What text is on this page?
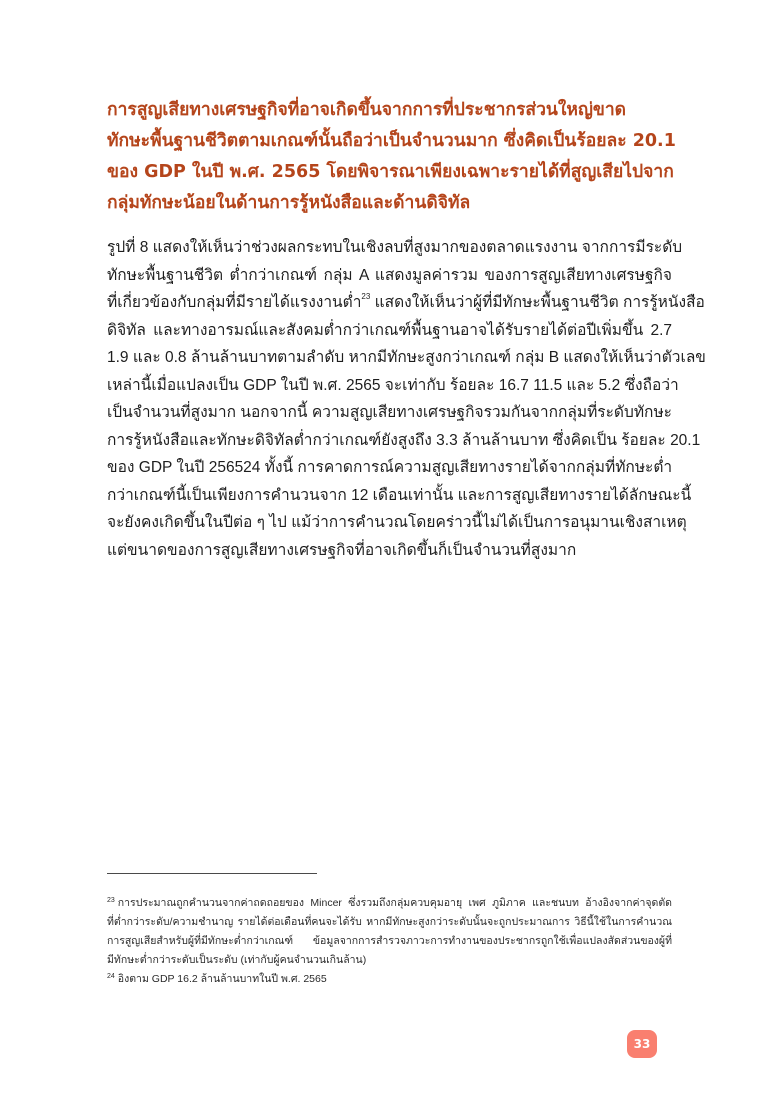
การสูญเสียทางเศรษฐกิจที่อาจเกิดขึ้นจากการที่ประชากรส่วนใหญ่ขาด
ทักษะพื้นฐานชีวิตตามเกณฑ์นั้นถือว่าเป็นจำนวนมาก ซึ่งคิดเป็นร้อยละ 20.1
ของ GDP ในปี พ.ศ. 2565 โดยพิจารณาเพียงเฉพาะรายได้ที่สูญเสียไปจาก
กลุ่มทักษะน้อยในด้านการรู้หนังสือและด้านดิจิทัล
รูปที่ 8 แสดงให้เห็นว่าช่วงผลกระทบในเชิงลบที่สูงมากของตลาดแรงงาน จากการมีระดับ
ทักษะพื้นฐานชีวิต ต่ำกว่าเกณฑ์ กลุ่ม A แสดงมูลค่ารวม ของการสูญเสียทางเศรษฐกิจ
ที่เกี่ยวข้องกับกลุ่มที่มีรายได้แรงงานต่ำ$^{23}$ แสดงให้เห็นว่าผู้ที่มีทักษะพื้นฐานชีวิต การรู้หนังสือ
ดิจิทัล และทางอารมณ์และสังคมต่ำกว่าเกณฑ์พื้นฐานอาจได้รับรายได้ต่อปีเพิ่มขึ้น 2.7
1.9 และ 0.8 ล้านล้านบาทตามลำดับ หากมีทักษะสูงกว่าเกณฑ์ กลุ่ม B แสดงให้เห็นว่าตัวเลข
เหล่านี้เมื่อแปลงเป็น GDP ในปี พ.ศ. 2565 จะเท่ากับ ร้อยละ 16.7 11.5 และ 5.2 ซึ่งถือว่า
เป็นจำนวนที่สูงมาก นอกจากนี้ ความสูญเสียทางเศรษฐกิจรวมกันจากกลุ่มที่ระดับทักษะ
การรู้หนังสือและทักษะดิจิทัลต่ำกว่าเกณฑ์ยังสูงถึง 3.3 ล้านล้านบาท ซึ่งคิดเป็น ร้อยละ 20.1
ของ GDP ในปี 256524 ทั้งนี้ การคาดการณ์ความสูญเสียทางรายได้จากกลุ่มที่ทักษะต่ำ
กว่าเกณฑ์นี้เป็นเพียงการคำนวนจาก 12 เดือนเท่านั้น และการสูญเสียทางรายได้ลักษณะนี้
จะยังคงเกิดขึ้นในปีต่อ ๆ ไป แม้ว่าการคำนวณโดยคร่าวนี้ไม่ได้เป็นการอนุมานเชิงสาเหตุ
แต่ขนาดของการสูญเสียทางเศรษฐกิจที่อาจเกิดขึ้นก็เป็นจำนวนที่สูงมาก
$^{23}$ การประมาณถูกคำนวนจากค่าถดถอยของ Mincer ซึ่งรวมถึงกลุ่มควบคุมอายุ เพศ ภูมิภาค และชนบท อ้างอิงจากค่าจุดตัด
ที่ต่ำกว่าระดับ/ความชำนาญ รายได้ต่อเดือนที่คนจะได้รับ หากมีทักษะสูงกว่าระดับนั้นจะถูกประมาณการ วิธีนี้ใช้ในการคำนวณ
การสูญเสียสำหรับผู้ที่มีทักษะต่ำกว่าเกณฑ์ ข้อมูลจากการสำรวจภาวะการทำงานของประชากรถูกใช้เพื่อแปลงสัดส่วนของผู้ที่
มีทักษะต่ำกว่าระดับเป็นระดับ (เท่ากับผู้คนจำนวนเกินล้าน)
$^{24}$ อิงตาม GDP 16.2 ล้านล้านบาทในปี พ.ศ. 2565
33
